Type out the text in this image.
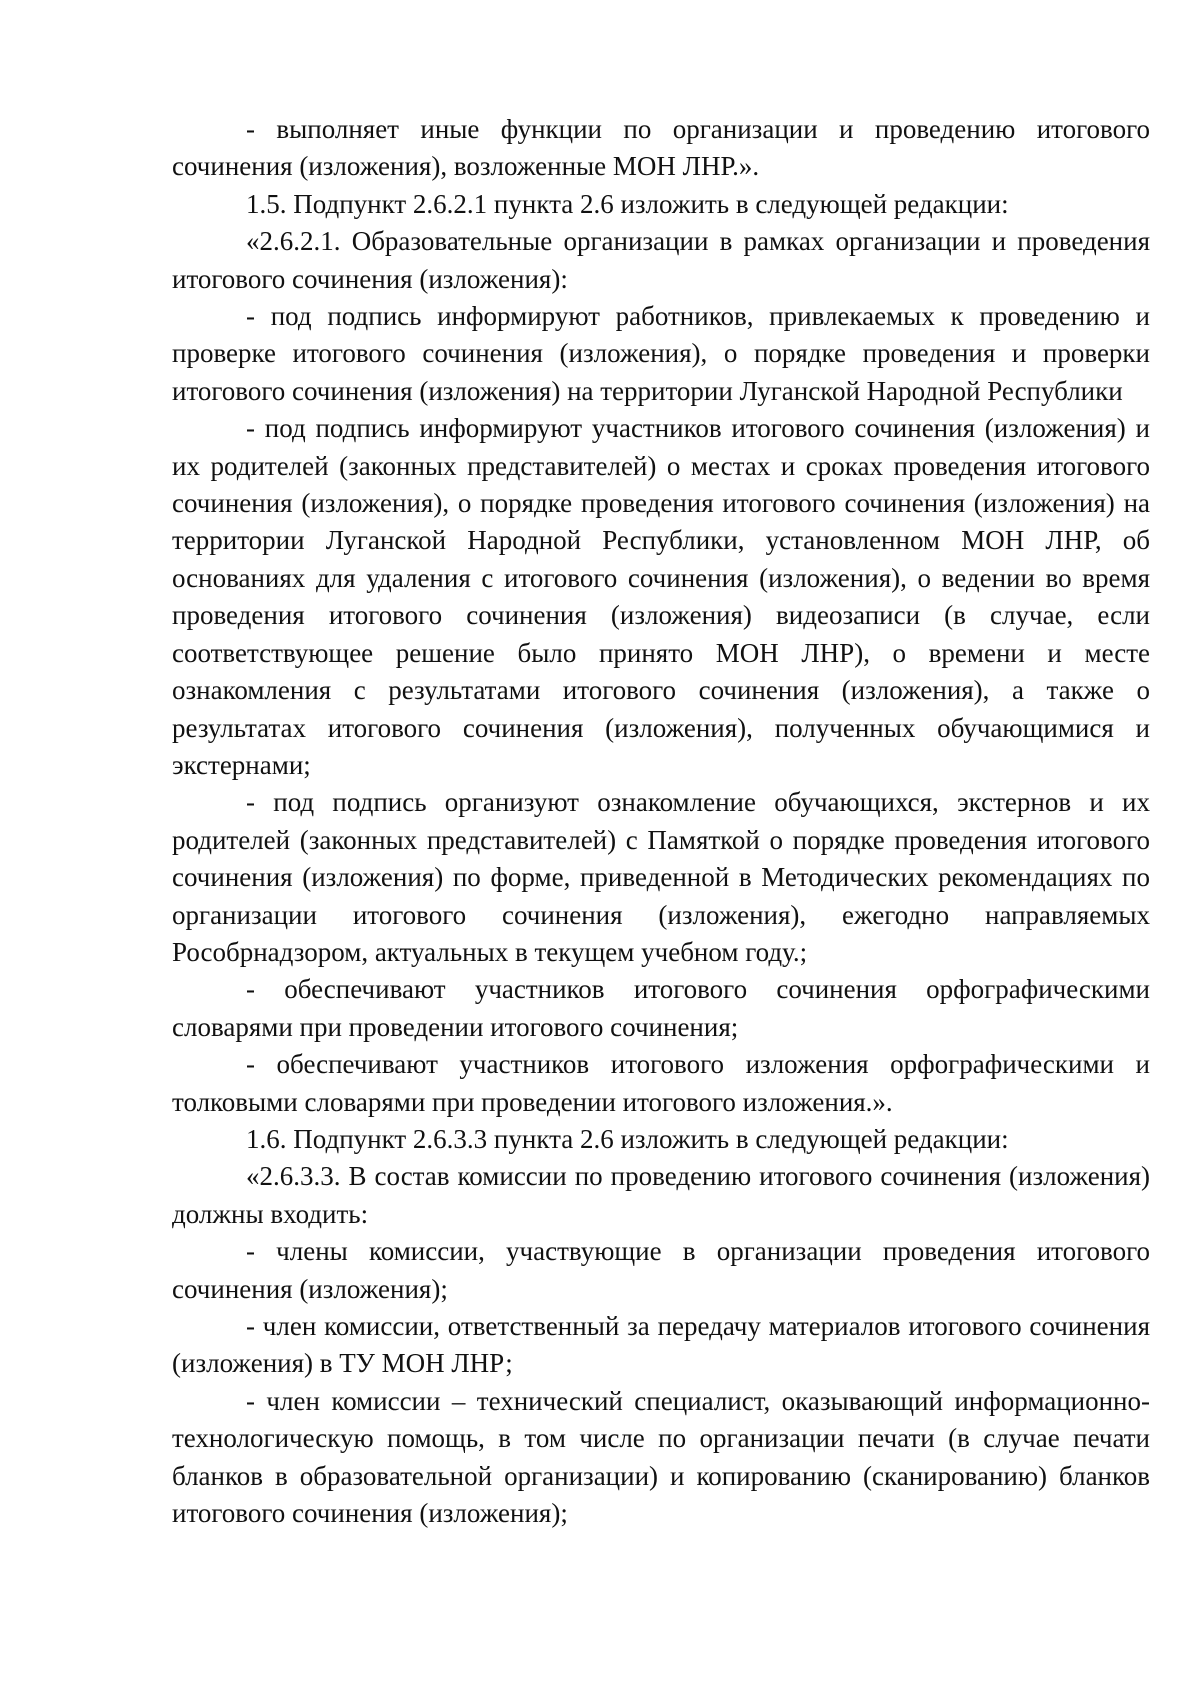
- выполняет иные функции по организации и проведению итогового сочинения (изложения), возложенные МОН ЛНР.».

1.5. Подпункт 2.6.2.1 пункта 2.6 изложить в следующей редакции:

«2.6.2.1. Образовательные организации в рамках организации и проведения итогового сочинения (изложения):

- под подпись информируют работников, привлекаемых к проведению и проверке итогового сочинения (изложения), о порядке проведения и проверки итогового сочинения (изложения) на территории Луганской Народной Республики

- под подпись информируют участников итогового сочинения (изложения) и их родителей (законных представителей) о местах и сроках проведения итогового сочинения (изложения), о порядке проведения итогового сочинения (изложения) на территории Луганской Народной Республики, установленном МОН ЛНР, об основаниях для удаления с итогового сочинения (изложения), о ведении во время проведения итогового сочинения (изложения) видеозаписи (в случае, если соответствующее решение было принято МОН ЛНР), о времени и месте ознакомления с результатами итогового сочинения (изложения), а также о результатах итогового сочинения (изложения), полученных обучающимися и экстернами;

- под подпись организуют ознакомление обучающихся, экстернов и их родителей (законных представителей) с Памяткой о порядке проведения итогового сочинения (изложения) по форме, приведенной в Методических рекомендациях по организации итогового сочинения (изложения), ежегодно направляемых Рособрнадзором, актуальных в текущем учебном году.;

- обеспечивают участников итогового сочинения орфографическими словарями при проведении итогового сочинения;

- обеспечивают участников итогового изложения орфографическими и толковыми словарями при проведении итогового изложения.».

1.6. Подпункт 2.6.3.3 пункта 2.6 изложить в следующей редакции:

«2.6.3.3. В состав комиссии по проведению итогового сочинения (изложения) должны входить:

- члены комиссии, участвующие в организации проведения итогового сочинения (изложения);

- член комиссии, ответственный за передачу материалов итогового сочинения (изложения) в ТУ МОН ЛНР;

- член комиссии – технический специалист, оказывающий информационно- технологическую помощь, в том числе по организации печати (в случае печати бланков в образовательной организации) и копированию (сканированию) бланков итогового сочинения (изложения);
